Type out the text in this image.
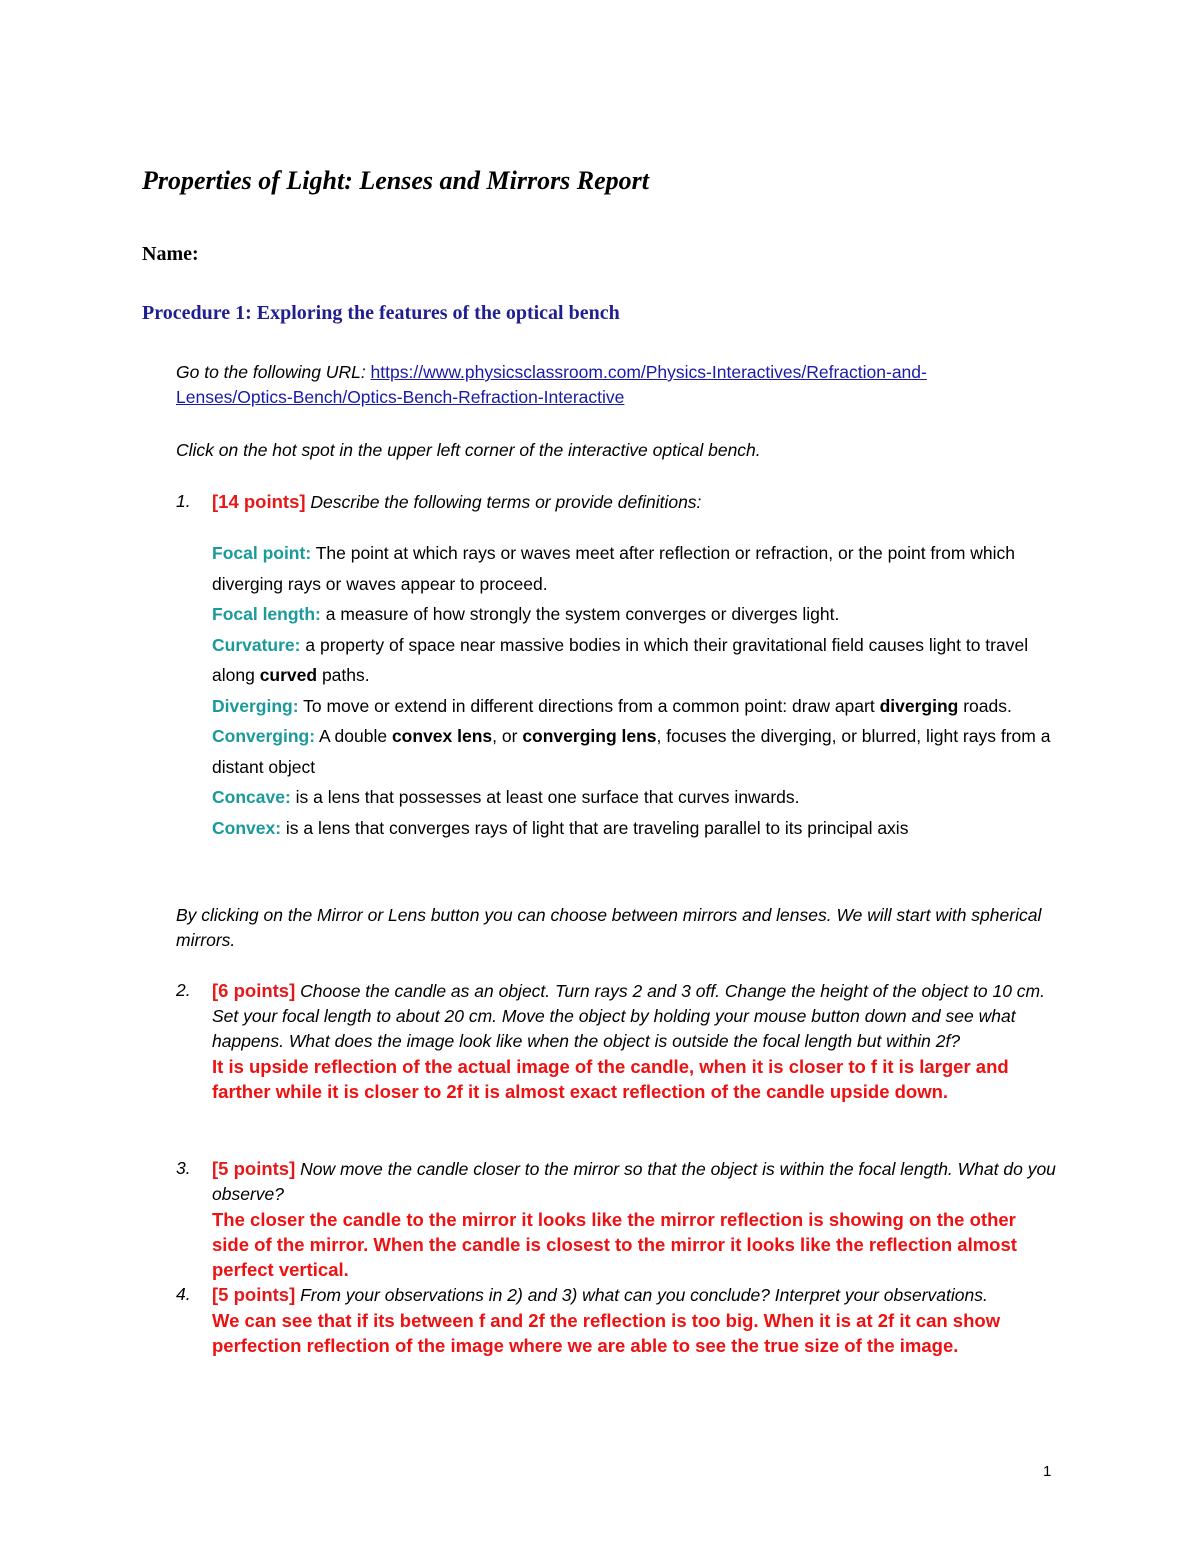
Properties of Light: Lenses and Mirrors Report
Name:
Procedure 1: Exploring the features of the optical bench
Go to the following URL: https://www.physicsclassroom.com/Physics-Interactives/Refraction-and-
Lenses/Optics-Bench/Optics-Bench-Refraction-Interactive
Click on the hot spot in the upper left corner of the interactive optical bench.
1. [14 points] Describe the following terms or provide definitions:

Focal point: The point at which rays or waves meet after reflection or refraction, or the point from which diverging rays or waves appear to proceed.

Focal length: a measure of how strongly the system converges or diverges light.

Curvature: a property of space near massive bodies in which their gravitational field causes light to travel along curved paths.

Diverging: To move or extend in different directions from a common point: draw apart diverging roads.

Converging: A double convex lens, or converging lens, focuses the diverging, or blurred, light rays from a distant object

Concave: is a lens that possesses at least one surface that curves inwards.

Convex: is a lens that converges rays of light that are traveling parallel to its principal axis

By clicking on the Mirror or Lens button you can choose between mirrors and lenses. We will start with spherical mirrors.
2. [6 points] Choose the candle as an object. Turn rays 2 and 3 off. Change the height of the object to 10 cm. Set your focal length to about 20 cm. Move the object by holding your mouse button down and see what happens. What does the image look like when the object is outside the focal length but within 2f?
It is upside reflection of the actual image of the candle, when it is closer to f it is larger and farther while it is closer to 2f it is almost exact reflection of the candle upside down.
3. [5 points] Now move the candle closer to the mirror so that the object is within the focal length. What do you observe?
The closer the candle to the mirror it looks like the mirror reflection is showing on the other side of the mirror. When the candle is closest to the mirror it looks like the reflection almost perfect vertical.
4. [5 points] From your observations in 2) and 3) what can you conclude? Interpret your observations.
We can see that if its between f and 2f the reflection is too big. When it is at 2f it can show perfection reflection of the image where we are able to see the true size of the image.
1
